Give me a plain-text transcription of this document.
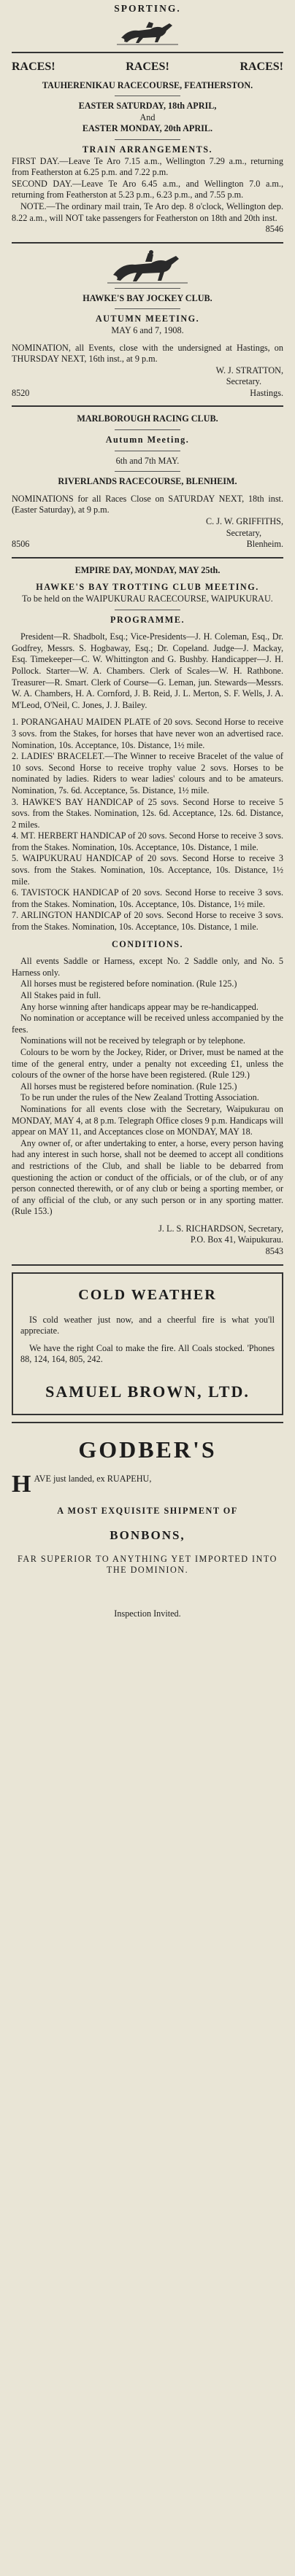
SPORTING.

RACES!	RACES!	RACES!

TAUHERENIKAU RACECOURSE, FEATHERSTON.

EASTER SATURDAY, 18th APRIL,

And

EASTER MONDAY, 20th APRIL.

TRAIN ARRANGEMENTS.

FIRST DAY.—Leave Te Aro 7.15 a.m., Wellington 7.29 a.m., returning from Featherston at 6.25 p.m. and 7.22 p.m.

SECOND DAY.—Leave Te Aro 6.45 a.m., and Wellington 7.0 a.m., returning from Featherston at 5.23 p.m., 6.23 p.m., and 7.55 p.m.

NOTE.—The ordinary mail train, Te Aro dep. 8 o'clock, Wellington dep. 8.22 a.m., will NOT take passengers for Featherston on 18th and 20th inst.

8546

HAWKE'S BAY JOCKEY CLUB.

AUTUMN MEETING.

MAY 6 and 7, 1908.

NOMINATION, all Events, close with the undersigned at Hastings, on THURSDAY NEXT, 16th inst., at 9 p.m.

W. J. STRATTON,

Secretary.

8520	Hastings.

MARLBOROUGH RACING CLUB.

Autumn Meeting.

6th and 7th MAY.

RIVERLANDS RACECOURSE, BLENHEIM.

NOMINATIONS for all Races Close on SATURDAY NEXT, 18th inst. (Easter Saturday), at 9 p.m.

C. J. W. GRIFFITHS,

Secretary,

8506	Blenheim.

EMPIRE DAY, MONDAY, MAY 25th.

HAWKE'S BAY TROTTING CLUB MEETING.

To be held on the WAIPUKURAU RACECOURSE, WAIPUKURAU.

PROGRAMME.

President—R. Shadbolt, Esq.; Vice-Presidents—J. H. Coleman, Esq., Dr. Godfrey, Messrs. S. Hogbaway, Esq.; Dr. Copeland. Judge—J. Mackay, Esq. Timekeeper—C. W. Whittington and G. Bushby. Handicapper—J. H. Pollock. Starter—W. A. Chambers. Clerk of Scales—W. H. Rathbone. Treasurer—R. Smart. Clerk of Course—G. Leman, jun. Stewards—Messrs. W. A. Chambers, H. A. Cornford, J. B. Reid, J. L. Merton, S. F. Wells, J. A. M'Leod, O'Neil, C. Jones, J. J. Bailey.

1. PORANGAHAU MAIDEN PLATE of 20 sovs. Second Horse to receive 3 sovs. from the Stakes, for horses that have never won an advertised race. Nomination, 10s. Acceptance, 10s. Distance, 1½ mile.

2. LADIES' BRACELET.—The Winner to receive Bracelet of the value of 10 sovs. Second Horse to receive trophy value 2 sovs. Horses to be nominated by ladies. Riders to wear ladies' colours and to be amateurs. Nomination, 7s. 6d. Acceptance, 5s. Distance, 1½ mile.

3. HAWKE'S BAY HANDICAP of 25 sovs. Second Horse to receive 5 sovs. from the Stakes. Nomination, 12s. 6d. Acceptance, 12s. 6d. Distance, 2 miles.

4. MT. HERBERT HANDICAP of 20 sovs. Second Horse to receive 3 sovs. from the Stakes. Nomination, 10s. Acceptance, 10s. Distance, 1 mile.

5. WAIPUKURAU HANDICAP of 20 sovs. Second Horse to receive 3 sovs. from the Stakes. Nomination, 10s. Acceptance, 10s. Distance, 1½ mile.

6. TAVISTOCK HANDICAP of 20 sovs. Second Horse to receive 3 sovs. from the Stakes. Nomination, 10s. Acceptance, 10s. Distance, 1½ mile.

7. ARLINGTON HANDICAP of 20 sovs. Second Horse to receive 3 sovs. from the Stakes. Nomination, 10s. Acceptance, 10s. Distance, 1 mile.

CONDITIONS.

All events Saddle or Harness, except No. 2 Saddle only, and No. 5 Harness only.

All horses must be registered before nomination. (Rule 125.)

All Stakes paid in full.

Any horse winning after handicaps appear may be re-handicapped.

No nomination or acceptance will be received unless accompanied by the fees.

Nominations will not be received by telegraph or by telephone.

Colours to be worn by the Jockey, Rider, or Driver, must be named at the time of the general entry, under a penalty not exceeding £1, unless the colours of the owner of the horse have been registered. (Rule 129.)

All horses must be registered before nomination. (Rule 125.)

To be run under the rules of the New Zealand Trotting Association.

Nominations for all events close with the Secretary, Waipukurau on MONDAY, MAY 4, at 8 p.m. Telegraph Office closes 9 p.m. Handicaps will appear on MAY 11, and Acceptances close on MONDAY, MAY 18.

Any owner of, or after undertaking to enter, a horse, every person having had any interest in such horse, shall not be deemed to accept all conditions and restrictions of the Club, and shall be liable to be debarred from questioning the action or conduct of the officials, or of the club, or of any person connected therewith, or of any club or being a sporting member, or of any official of the club, or any such person or in any sporting matter. (Rule 153.)

J. L. S. RICHARDSON, Secretary,

P.O. Box 41, Waipukurau.

8543

COLD WEATHER

IS cold weather just now, and a cheerful fire is what you'll appreciate.

We have the right Coal to make the fire. All Coals stocked. 'Phones 88, 124, 164, 805, 242.

SAMUEL BROWN, LTD.

GODBER'S

HAVE just landed, ex RUAPEHU,

A MOST EXQUISITE SHIPMENT OF

BONBONS,

FAR SUPERIOR TO ANYTHING YET IMPORTED INTO THE DOMINION.

Inspection Invited.
